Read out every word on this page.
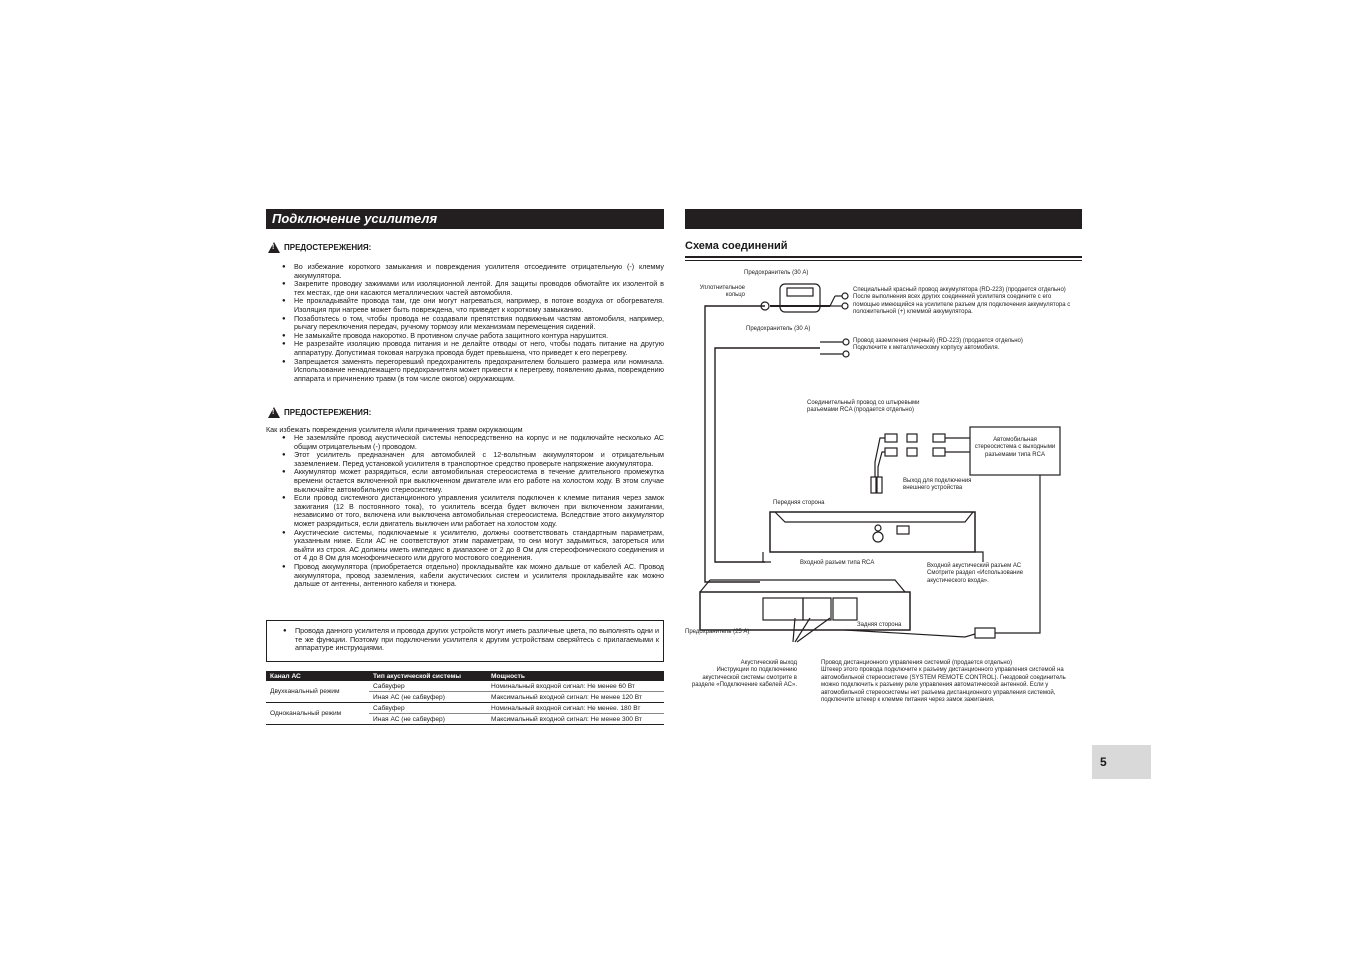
Подключение усилителя
!
ПРЕДОСТЕРЕЖЕНИЯ:
● Во избежание короткого замыкания и повреждения усилителя отсоедините отрицательную (-) клемму аккумулятора.
● Закрепите проводку зажимами или изоляционной лентой. Для защиты проводов обмотайте их изолентой в тех местах, где они касаются металлических частей автомобиля.
● Не прокладывайте провода там, где они могут нагреваться, например, в потоке воздуха от обогревателя. Изоляция при нагреве может быть повреждена, что приведет к короткому замыканию.
● Позаботьтесь о том, чтобы провода не создавали препятствия подвижным частям автомобиля, например, рычагу переключения передач, ручному тормозу или механизмам перемещения сидений.
● Не замыкайте провода накоротко. В противном случае работа защитного контура нарушится.
● Не разрезайте изоляцию провода питания и не делайте отводы от него, чтобы подать питание на другую аппаратуру. Допустимая токовая нагрузка провода будет превышена, что приведет к его перегреву.
● Запрещается заменять перегоревший предохранитель предохранителем большего размера или номинала. Использование ненадлежащего предохранителя может привести к перегреву, появлению дыма, повреждению аппарата и причинению травм (в том числе ожогов) окружающим.
!
ПРЕДОСТЕРЕЖЕНИЯ:
Как избежать повреждения усилителя и/или причинения травм окружающим
● Не заземляйте провод акустической системы непосредственно на корпус и не подключайте несколько АС общим отрицательным (-) проводом.
● Этот усилитель предназначен для автомобилей с 12-вольтным аккумулятором и отрицательным заземлением. Перед установкой усилителя в транспортное средство проверьте напряжение аккумулятора.
● Аккумулятор может разрядиться, если автомобильная стереосистема в течение длительного промежутка времени остается включенной при выключенном двигателе или его работе на холостом ходу. В этом случае выключайте автомобильную стереосистему.
● Если провод системного дистанционного управления усилителя подключен к клемме питания через замок зажигания (12 В постоянного тока), то усилитель всегда будет включен при включенном зажигании, независимо от того, включена или выключена автомобильная стереосистема. Вследствие этого аккумулятор может разрядиться, если двигатель выключен или работает на холостом ходу.
● Акустические системы, подключаемые к усилителю, должны соответствовать стандартным параметрам, указанным ниже. Если АС не соответствуют этим параметрам, то они могут задымиться, загореться или выйти из строя. АС должны иметь импеданс в диапазоне от 2 до 8 Ом для стереофонического соединения и от 4 до 8 Ом для монофонического или другого мостового соединения.
● Провод аккумулятора (приобретается отдельно) прокладывайте как можно дальше от кабелей АС. Провод аккумулятора, провод заземления, кабели акустических систем и усилителя прокладывайте как можно дальше от антенны, антенного кабеля и тюнера.
● Провода данного усилителя и провода других устройств могут иметь различные цвета, по выполнять одни и те же функции. Поэтому при подключении усилителя к другим устройствам сверяйтесь с прилагаемыми к аппаратуре инструкциями.
Канал АС	Тип акустической системы	Мощность
Двухканальный режим	Сабвуфер	Номинальный входной сигнал: Не менее 60 Вт
	Иная АС (не сабвуфер)	Максимальный входной сигнал: Не менее 120 Вт
Одноканальный режим	Сабвуфер	Номинальный входной сигнал: Не менее. 180 Вт
	Иная АС (не сабвуфер)	Максимальный входной сигнал: Не менее 300 Вт
Схема соединений
Предохранитель (30 А)
Уплотнительное
кольцо
Предохранитель (30 А)
Специальный красный провод аккумулятора (RD-223) (продается отдельно)
После выполнения всех других соединений усилителя соедините с его
помощью имеющийся на усилителе разъем для подключения аккумулятора с
положительной (+) клеммой аккумулятора.
Провод заземления (черный) (RD-223) (продается отдельно)
Подключите к металлическому корпусу автомобиля.
Соединительный провод со штыревыми
разъемами RCA (продается отдельно)
Автомобильная
стереосистема с выходными
разъемами типа RCA
Выход для подключения
внешнего устройства
Передняя сторона
Входной разъем типа RCA	Входной акустический разъем АС
Смотрите раздел «Использование
акустического входа».
Предохранитель (25 А)
Задняя сторона
Акустический выход
Инструкции по подключению
акустической системы смотрите в
разделе «Подключение кабелей АС».
Провод дистанционного управления системой (продается отдельно)
Штекер этого провода подключите к разъему дистанционного управления системой на
автомобильной стереосистеме (SYSTEM REMOTE CONTROL). Гнездовой соединитель
можно подключить к разъему реле управления автоматической антенной. Если у
автомобильной стереосистемы нет разъема дистанционного управления системой,
подключите штекер к клемме питания через замок зажигания.
5
